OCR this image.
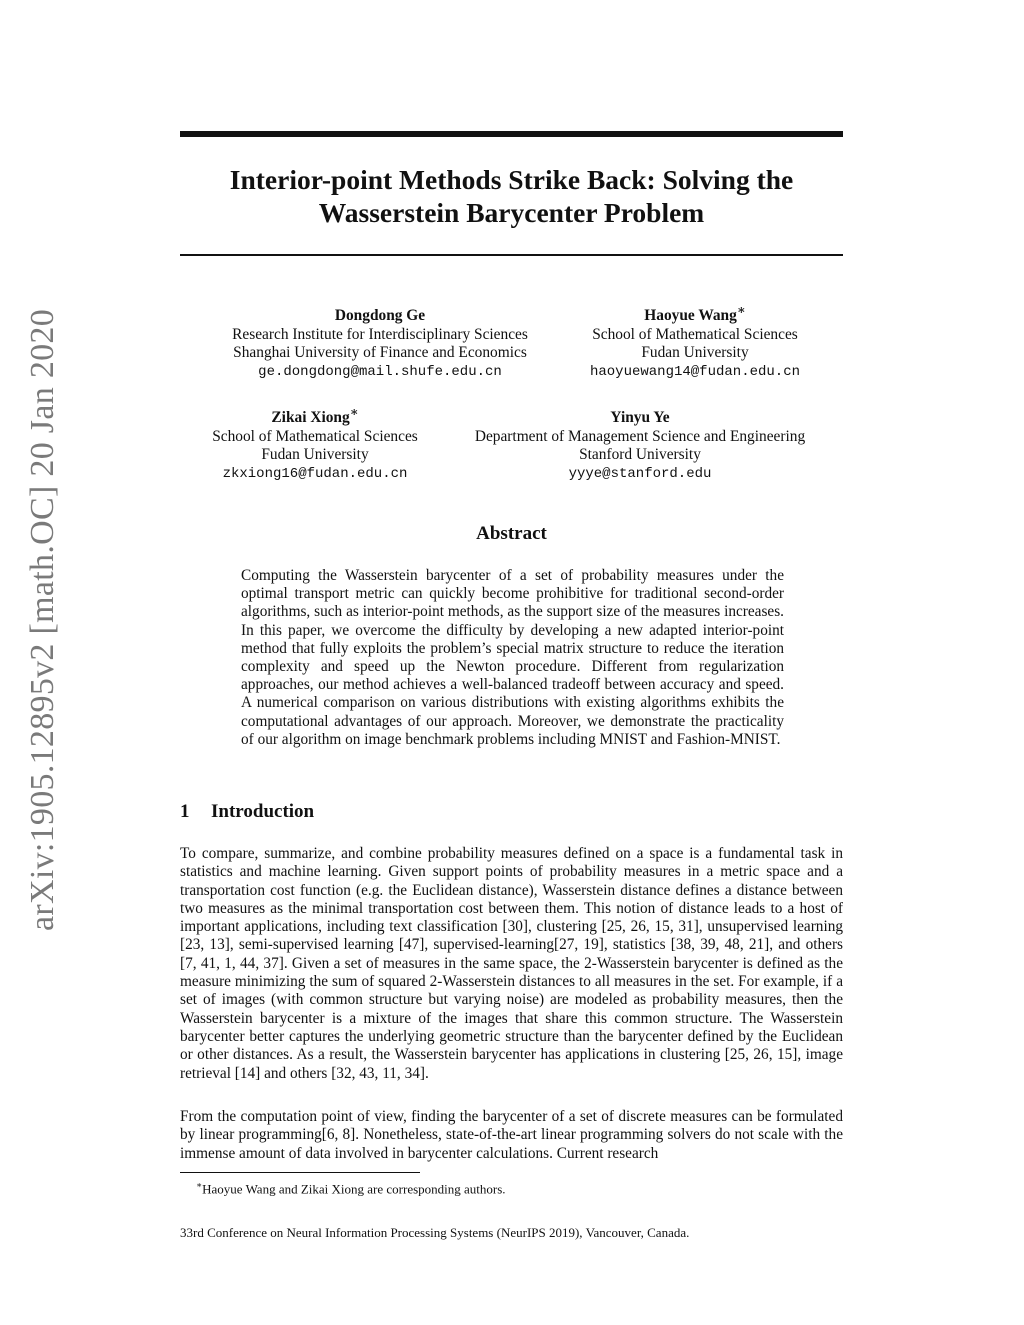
arXiv:1905.12895v2 [math.OC] 20 Jan 2020
Interior-point Methods Strike Back: Solving the
Wasserstein Barycenter Problem
Dongdong Ge
Research Institute for Interdisciplinary Sciences
Shanghai University of Finance and Economics
ge.dongdong@mail.shufe.edu.cn
Haoyue Wang∗
School of Mathematical Sciences
Fudan University
haoyuewang14@fudan.edu.cn
Zikai Xiong∗
School of Mathematical Sciences
Fudan University
zkxiong16@fudan.edu.cn
Yinyu Ye
Department of Management Science and Engineering
Stanford University
yyye@stanford.edu
Abstract
Computing the Wasserstein barycenter of a set of probability measures under the optimal transport metric can quickly become prohibitive for traditional second-order algorithms, such as interior-point methods, as the support size of the measures increases. In this paper, we overcome the difficulty by developing a new adapted interior-point method that fully exploits the problem’s special matrix structure to reduce the iteration complexity and speed up the Newton procedure. Different from regularization approaches, our method achieves a well-balanced tradeoff between accuracy and speed. A numerical comparison on various distributions with existing algorithms exhibits the computational advantages of our approach. Moreover, we demonstrate the practicality of our algorithm on image benchmark problems including MNIST and Fashion-MNIST.
1 Introduction
To compare, summarize, and combine probability measures defined on a space is a fundamental task in statistics and machine learning. Given support points of probability measures in a metric space and a transportation cost function (e.g. the Euclidean distance), Wasserstein distance defines a distance between two measures as the minimal transportation cost between them. This notion of distance leads to a host of important applications, including text classification [30], clustering [25, 26, 15, 31], unsupervised learning [23, 13], semi-supervised learning [47], supervised-learning[27, 19], statistics [38, 39, 48, 21], and others [7, 41, 1, 44, 37]. Given a set of measures in the same space, the 2-Wasserstein barycenter is defined as the measure minimizing the sum of squared 2-Wasserstein distances to all measures in the set. For example, if a set of images (with common structure but varying noise) are modeled as probability measures, then the Wasserstein barycenter is a mixture of the images that share this common structure. The Wasserstein barycenter better captures the underlying geometric structure than the barycenter defined by the Euclidean or other distances. As a result, the Wasserstein barycenter has applications in clustering [25, 26, 15], image retrieval [14] and others [32, 43, 11, 34].
From the computation point of view, finding the barycenter of a set of discrete measures can be formulated by linear programming[6, 8]. Nonetheless, state-of-the-art linear programming solvers do not scale with the immense amount of data involved in barycenter calculations. Current research
∗Haoyue Wang and Zikai Xiong are corresponding authors.
33rd Conference on Neural Information Processing Systems (NeurIPS 2019), Vancouver, Canada.
